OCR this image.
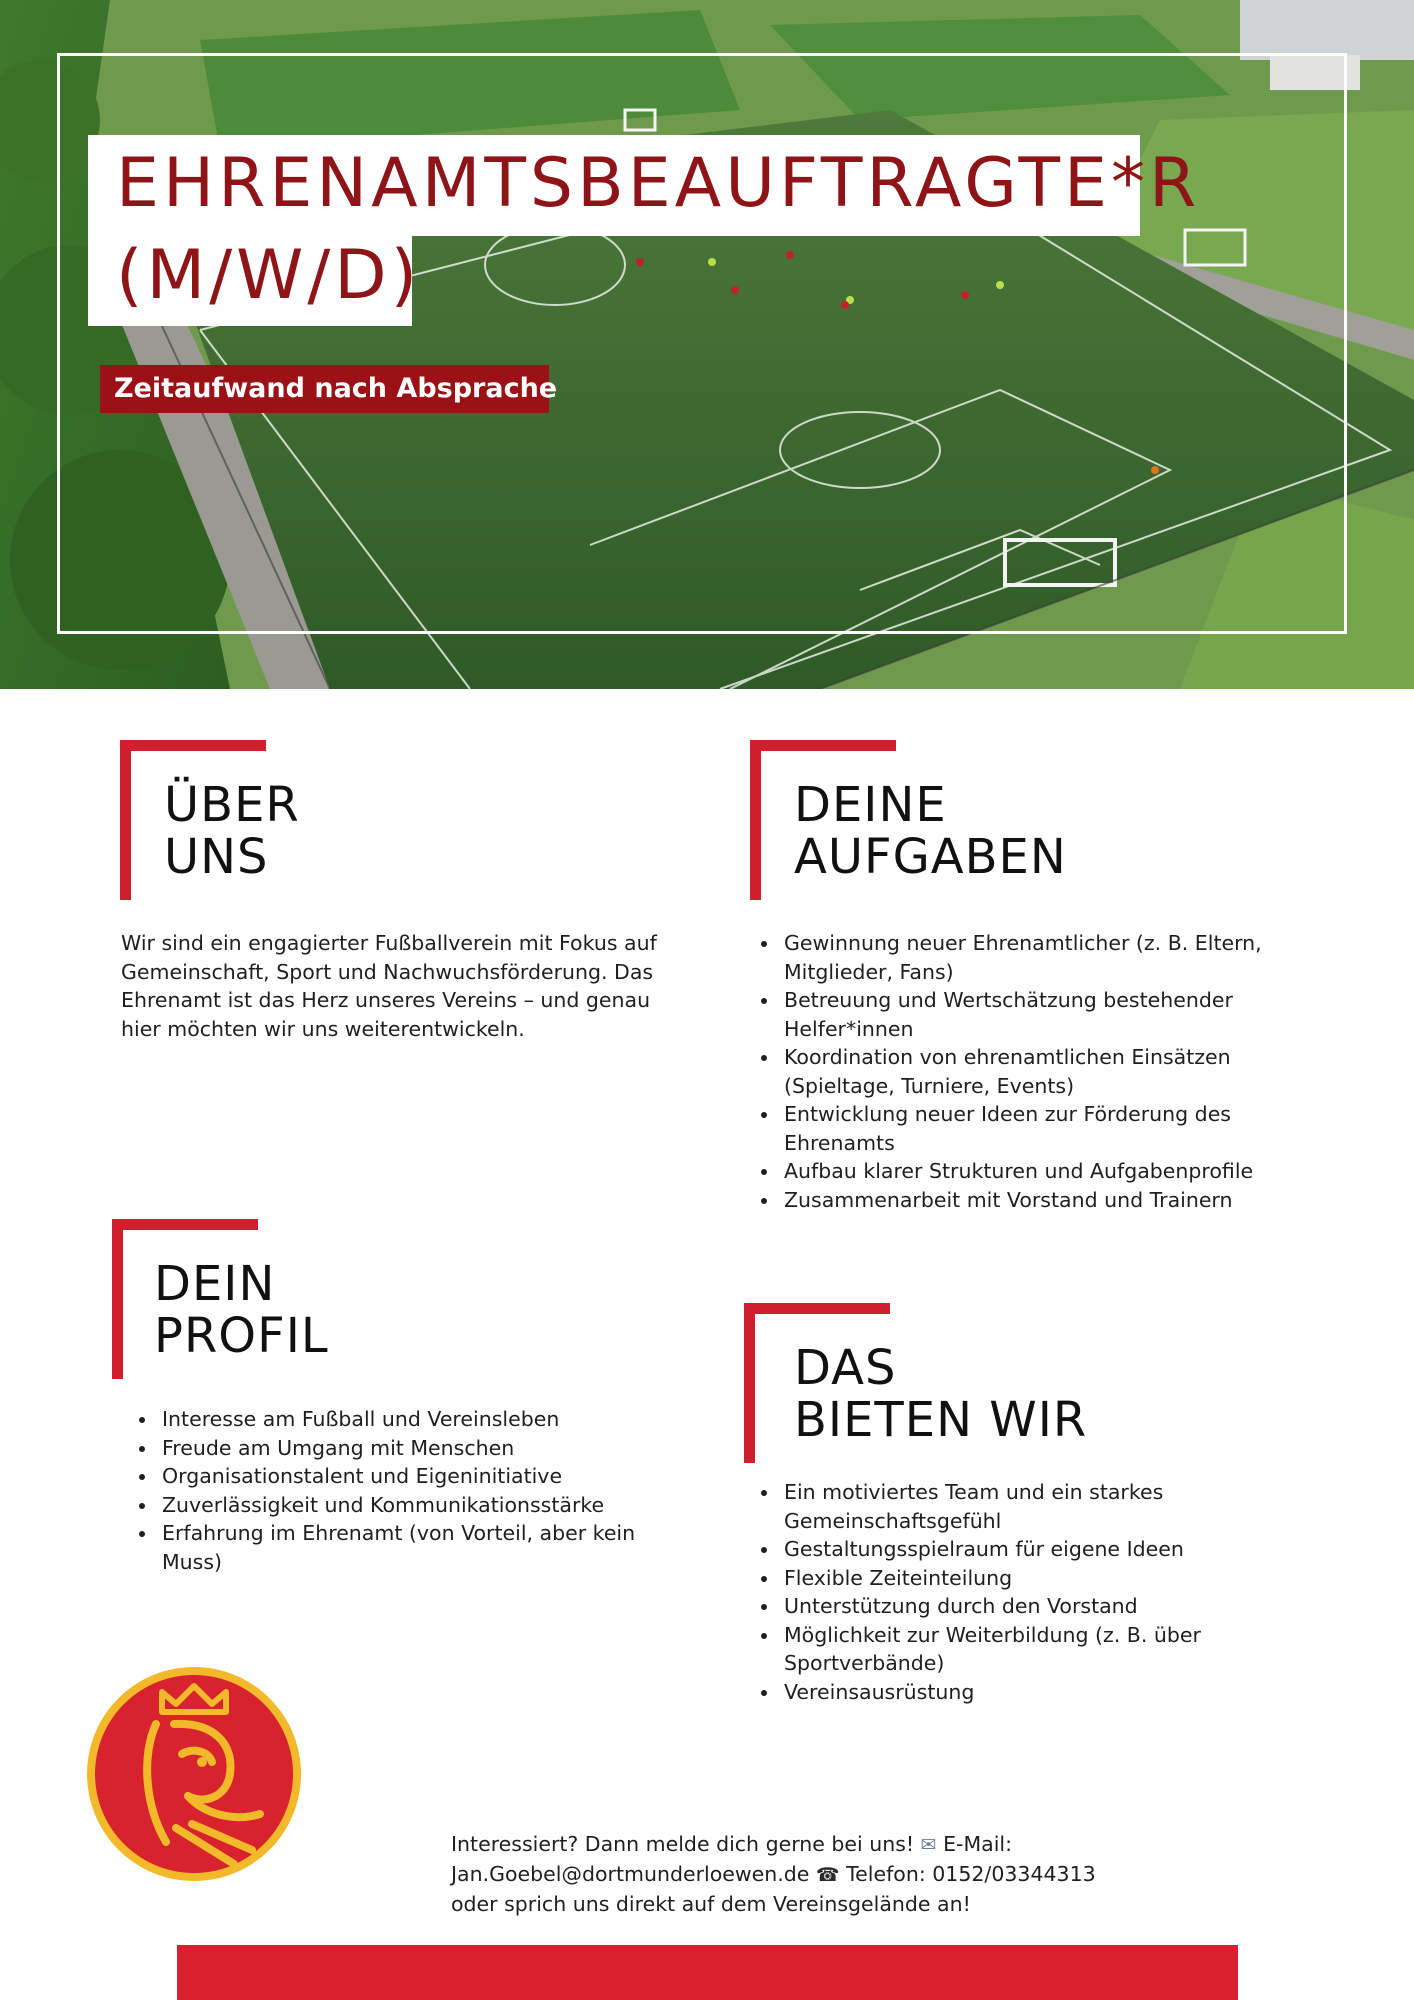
EHRENAMTSBEAUFTRAGTE*R
(M/W/D)
Zeitaufwand nach Absprache
ÜBER
UNS
Wir sind ein engagierter Fußballverein mit Fokus auf
Gemeinschaft, Sport und Nachwuchsförderung. Das
Ehrenamt ist das Herz unseres Vereins – und genau
hier möchten wir uns weiterentwickeln.
DEINE
AUFGABEN
Gewinnung neuer Ehrenamtlicher (z. B. Eltern,
Mitglieder, Fans)
Betreuung und Wertschätzung bestehender
Helfer*innen
Koordination von ehrenamtlichen Einsätzen
(Spieltage, Turniere, Events)
Entwicklung neuer Ideen zur Förderung des
Ehrenamts
Aufbau klarer Strukturen und Aufgabenprofile
Zusammenarbeit mit Vorstand und Trainern
DEIN
PROFIL
Interesse am Fußball und Vereinsleben
Freude am Umgang mit Menschen
Organisationstalent und Eigeninitiative
Zuverlässigkeit und Kommunikationsstärke
Erfahrung im Ehrenamt (von Vorteil, aber kein
Muss)
DAS
BIETEN WIR
Ein motiviertes Team und ein starkes
Gemeinschaftsgefühl
Gestaltungsspielraum für eigene Ideen
Flexible Zeiteinteilung
Unterstützung durch den Vorstand
Möglichkeit zur Weiterbildung (z. B. über
Sportverbände)
Vereinsausrüstung
Interessiert? Dann melde dich gerne bei uns! ✉ E-Mail:
Jan.Goebel@dortmunderloewen.de ☎ Telefon: 0152/03344313
oder sprich uns direkt auf dem Vereinsgelände an!
